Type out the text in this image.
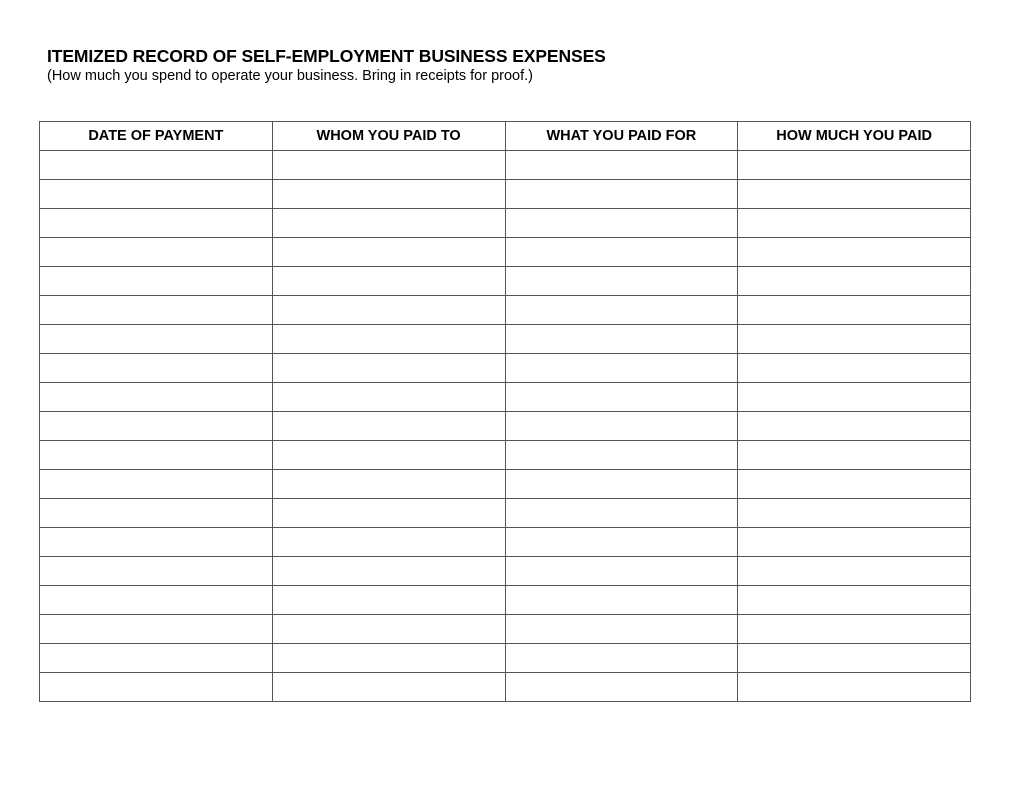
ITEMIZED RECORD OF SELF-EMPLOYMENT BUSINESS EXPENSES
(How much you spend to operate your business. Bring in receipts for proof.)
DATE OF PAYMENT	WHOM YOU PAID TO	WHAT YOU PAID FOR	HOW MUCH YOU PAID
